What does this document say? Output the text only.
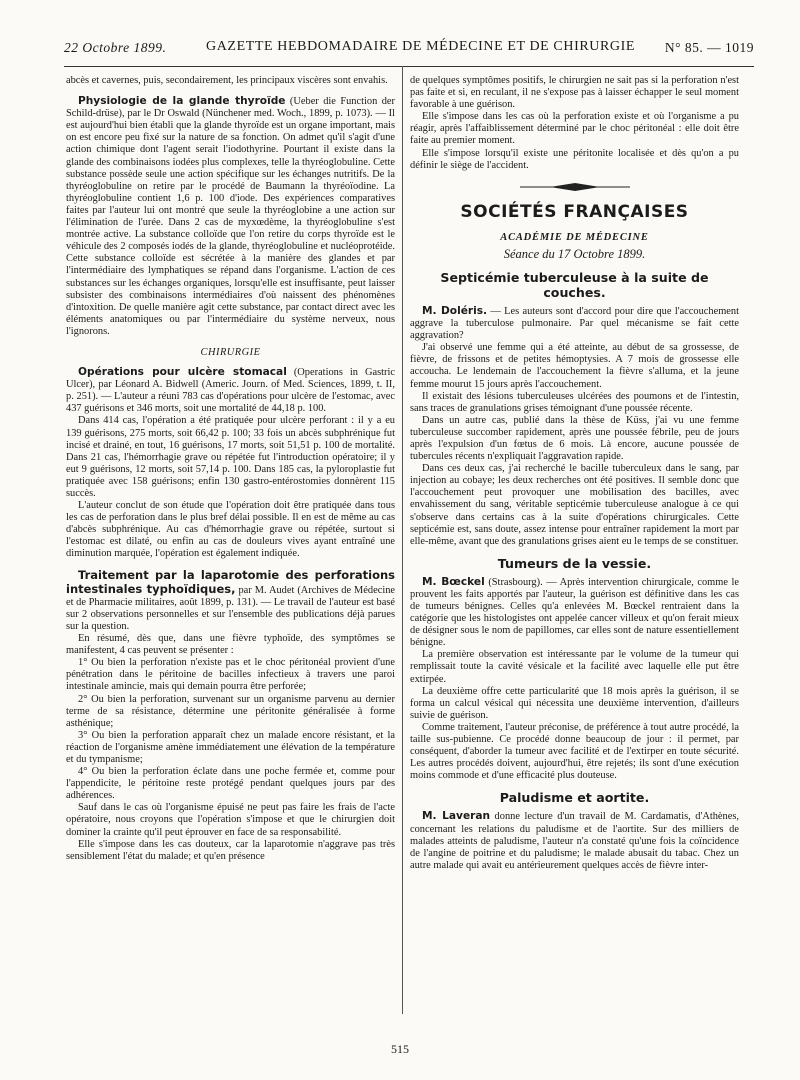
22 Octobre 1899.	GAZETTE HEBDOMADAIRE DE MÉDECINE ET DE CHIRURGIE N° 85. — 1019

abcès et cavernes, puis, secondairement, les principaux viscères sont envahis.

Physiologie de la glande thyroïde (Ueber die Function der Schild-drüse), par le Dr Oswald (Nünchener med. Woch., 1899, p. 1073). — Il est aujourd'hui bien établi que la glande thyroïde est un organe important, mais on est encore peu fixé sur la nature de sa fonction. On admet qu'il s'agit d'une action chimique dont l'agent serait l'iodothyrine. Pourtant il existe dans la glande des combinaisons iodées plus complexes, telle la thyréoglobuline. Cette substance possède seule une action spécifique sur les échanges nutritifs. De la thyréoglobuline on retire par le procédé de Baumann la thyréoïodine. La thyréoglobuline contient 1,6 p. 100 d'iode. Des expériences comparatives faites par l'auteur lui ont montré que seule la thyréoglobine a une action sur l'élimination de l'urée. Dans 2 cas de myxœdème, la thyréoglobuline s'est montrée active. La substance colloïde que l'on retire du corps thyroïde est le véhicule des 2 composés iodés de la glande, thyréoglobuline et nucléoprotéide. Cette substance colloïde est sécrétée à la manière des glandes et par l'intermédiaire des lymphatiques se répand dans l'organisme. L'action de ces substances sur les échanges organiques, lorsqu'elle est insuffisante, peut laisser subsister des combinaisons intermédiaires d'où naissent des phénomènes d'intoxition. De quelle manière agit cette substance, par contact direct avec les éléments anatomiques ou par l'intermédiaire du système nerveux, nous l'ignorons.

CHIRURGIE

Opérations pour ulcère stomacal (Operations in Gastric Ulcer), par Léonard A. Bidwell (Americ. Journ. of Med. Sciences, 1899, t. II, p. 251). — L'auteur a réuni 783 cas d'opérations pour ulcère de l'estomac, avec 437 guérisons et 346 morts, soit une mortalité de 44,18 p. 100.

Dans 414 cas, l'opération a été pratiquée pour ulcère perforant : il y a eu 139 guérisons, 275 morts, soit 66,42 p. 100; 33 fois un abcès subphrénique fut incisé et drainé, en tout, 16 guérisons, 17 morts, soit 51,51 p. 100 de mortalité. Dans 21 cas, l'hémorrhagie grave ou répétée fut l'introduction opératoire; il y eut 9 guérisons, 12 morts, soit 57,14 p. 100. Dans 185 cas, la pyloroplastie fut pratiquée avec 158 guérisons; enfin 130 gastro-entérostomies donnèrent 115 succès.

L'auteur conclut de son étude que l'opération doit être pratiquée dans tous les cas de perforation dans le plus bref délai possible. Il en est de même au cas d'abcès subphrénique. Au cas d'hémorrhagie grave ou répétée, surtout si l'estomac est dilaté, ou enfin au cas de douleurs vives ayant entraîné une diminution marquée, l'opération est également indiquée.

Traitement par la laparotomie des perforations intestinales typhoïdiques, par M. Audet (Archives de Médecine et de Pharmacie militaires, août 1899, p. 131). — Le travail de l'auteur est basé sur 2 observations personnelles et sur l'ensemble des publications déjà parues sur la question.

En résumé, dès que, dans une fièvre typhoïde, des symptômes se manifestent, 4 cas peuvent se présenter :

1° Ou bien la perforation n'existe pas et le choc péritonéal provient d'une pénétration dans le péritoine de bacilles infectieux à travers une paroi intestinale amincie, mais qui demain pourra être perforée;

2° Ou bien la perforation, survenant sur un organisme parvenu au dernier terme de sa résistance, détermine une péritonite généralisée à forme asthénique;

3° Ou bien la perforation apparaît chez un malade encore résistant, et la réaction de l'organisme amène immédiatement une élévation de la température et du tympanisme;

4° Ou bien la perforation éclate dans une poche fermée et, comme pour l'appendicite, le péritoine reste protégé pendant quelques jours par des adhérences.

Sauf dans le cas où l'organisme épuisé ne peut pas faire les frais de l'acte opératoire, nous croyons que l'opération s'impose et que le chirurgien doit dominer la crainte qu'il peut éprouver en face de sa responsabilité.

Elle s'impose dans les cas douteux, car la laparotomie n'aggrave pas très sensiblement l'état du malade; et qu'en présence

de quelques symptômes positifs, le chirurgien ne sait pas si la perforation n'est pas faite et si, en reculant, il ne s'expose pas à laisser échapper le seul moment favorable à une guérison.

Elle s'impose dans les cas où la perforation existe et où l'organisme a pu réagir, après l'affaiblissement déterminé par le choc péritonéal : elle doit être faite au premier moment.

Elle s'impose lorsqu'il existe une péritonite localisée et dès qu'on a pu définir le siège de l'accident.

SOCIÉTÉS FRANÇAISES
ACADÉMIE DE MÉDECINE
Séance du 17 Octobre 1899.
Septicémie tuberculeuse à la suite de couches.

M. Doléris. — Les auteurs sont d'accord pour dire que l'accouchement aggrave la tuberculose pulmonaire. Par quel mécanisme se fait cette aggravation?

J'ai observé une femme qui a été atteinte, au début de sa grossesse, de fièvre, de frissons et de petites hémoptysies. A 7 mois de grossesse elle accoucha. Le lendemain de l'accouchement la fièvre s'alluma, et la jeune femme mourut 15 jours après l'accouchement.

Il existait des lésions tuberculeuses ulcérées des poumons et de l'intestin, sans traces de granulations grises témoignant d'une poussée récente.

Dans un autre cas, publié dans la thèse de Küss, j'ai vu une femme tuberculeuse succomber rapidement, après une poussée fébrile, peu de jours après l'expulsion d'un fœtus de 6 mois. Là encore, aucune poussée de tubercules récents n'expliquait l'aggravation rapide.

Dans ces deux cas, j'ai recherché le bacille tuberculeux dans le sang, par injection au cobaye; les deux recherches ont été positives. Il semble donc que l'accouchement peut provoquer une mobilisation des bacilles, avec envahissement du sang, véritable septicémie tuberculeuse analogue à ce qui s'observe dans certains cas à la suite d'opérations chirurgicales. Cette septicémie est, sans doute, assez intense pour entraîner rapidement la mort par elle-même, avant que des granulations grises aient eu le temps de se constituer.

Tumeurs de la vessie.

M. Bœckel (Strasbourg). — Après intervention chirurgicale, comme le prouvent les faits apportés par l'auteur, la guérison est définitive dans les cas de tumeurs bénignes. Celles qu'a enlevées M. Bœckel rentraient dans la catégorie que les histologistes ont appelée cancer villeux et qu'on ferait mieux de désigner sous le nom de papillomes, car elles sont de nature essentiellement bénigne.

La première observation est intéressante par le volume de la tumeur qui remplissait toute la cavité vésicale et la facilité avec laquelle elle put être extirpée.

La deuxième offre cette particularité que 18 mois après la guérison, il se forma un calcul vésical qui nécessita une deuxième intervention, d'ailleurs suivie de guérison.

Comme traitement, l'auteur préconise, de préférence à tout autre procédé, la taille sus-pubienne. Ce procédé donne beaucoup de jour : il permet, par conséquent, d'aborder la tumeur avec facilité et de l'extirper en toute sécurité. Les autres procédés doivent, aujourd'hui, être rejetés; ils sont d'une exécution moins commode et d'une efficacité plus douteuse.

Paludisme et aortite.

M. Laveran donne lecture d'un travail de M. Cardamatis, d'Athènes, concernant les relations du paludisme et de l'aortite. Sur des milliers de malades atteints de paludisme, l'auteur n'a constaté qu'une fois la coïncidence de l'angine de poitrine et du paludisme; le malade abusait du tabac. Chez un autre malade qui avait eu antérieurement quelques accès de fièvre inter-

515
